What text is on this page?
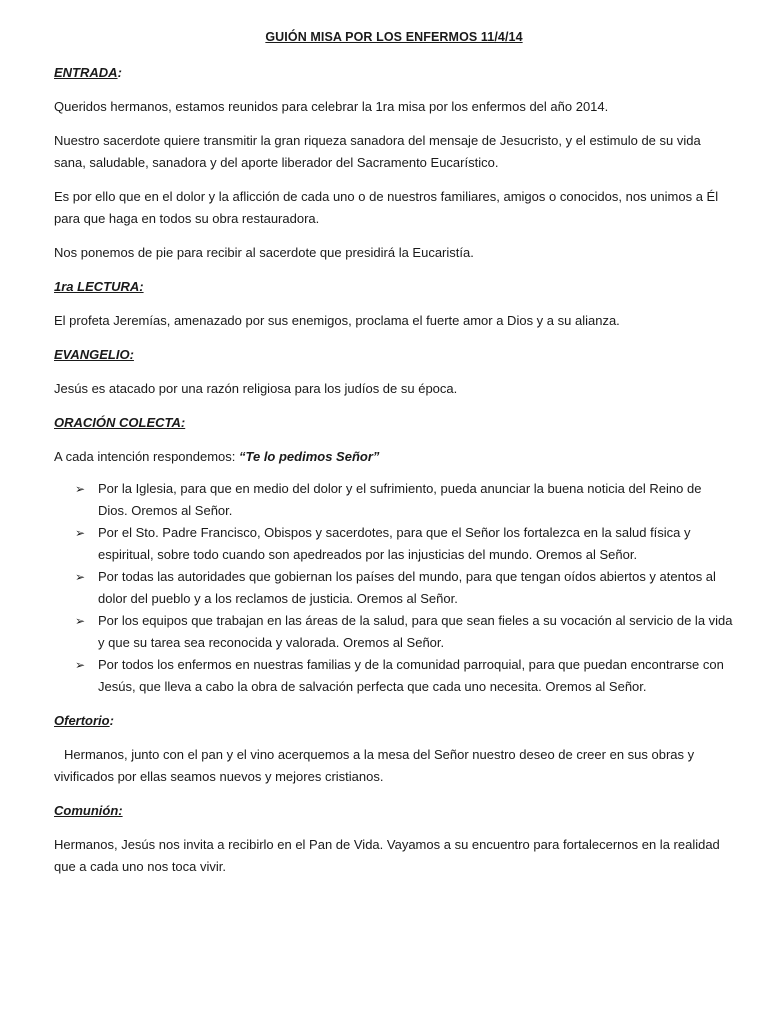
GUIÓN MISA POR LOS ENFERMOS 11/4/14
ENTRADA:

Queridos hermanos, estamos reunidos para celebrar la 1ra misa por los enfermos del año 2014.

Nuestro sacerdote quiere transmitir la gran riqueza sanadora del mensaje de Jesucristo, y el estimulo de su vida sana, saludable, sanadora y del aporte liberador del Sacramento Eucarístico.

Es por ello que en el dolor y la aflicción de cada uno o de nuestros familiares, amigos o conocidos, nos unimos a Él para que haga en todos su obra restauradora.

Nos ponemos de pie para recibir al sacerdote que presidirá la Eucaristía.

1ra LECTURA:

El profeta Jeremías, amenazado por sus enemigos, proclama el fuerte amor a Dios y a su alianza.

EVANGELIO:

Jesús es atacado por una razón religiosa para los judíos de su época.

ORACIÓN COLECTA:

A cada intención respondemos: “Te lo pedimos Señor”

➢ Por la Iglesia, para que en medio del dolor y el sufrimiento, pueda anunciar la buena noticia del Reino de Dios. Oremos al Señor.
➢ Por el Sto. Padre Francisco, Obispos y sacerdotes, para que el Señor los fortalezca en la salud física y espiritual, sobre todo cuando son apedreados por las injusticias del mundo. Oremos al Señor.
➢ Por todas las autoridades que gobiernan los países del mundo, para que tengan oídos abiertos y atentos al dolor del pueblo y a los reclamos de justicia. Oremos al Señor.
➢ Por los equipos que trabajan en las áreas de la salud, para que sean fieles a su vocación al servicio de la vida y que su tarea sea reconocida y valorada. Oremos al Señor.
➢ Por todos los enfermos en nuestras familias y de la comunidad parroquial, para que puedan encontrarse con Jesús, que lleva a cabo la obra de salvación perfecta que cada uno necesita. Oremos al Señor.
Ofertorio:

Hermanos, junto con el pan y el vino acerquemos a la mesa del Señor nuestro deseo de creer en sus obras y vivificados por ellas seamos nuevos y mejores cristianos.

Comunión:

Hermanos, Jesús nos invita a recibirlo en el Pan de Vida. Vayamos a su encuentro para fortalecernos en la realidad que a cada uno nos toca vivir.
